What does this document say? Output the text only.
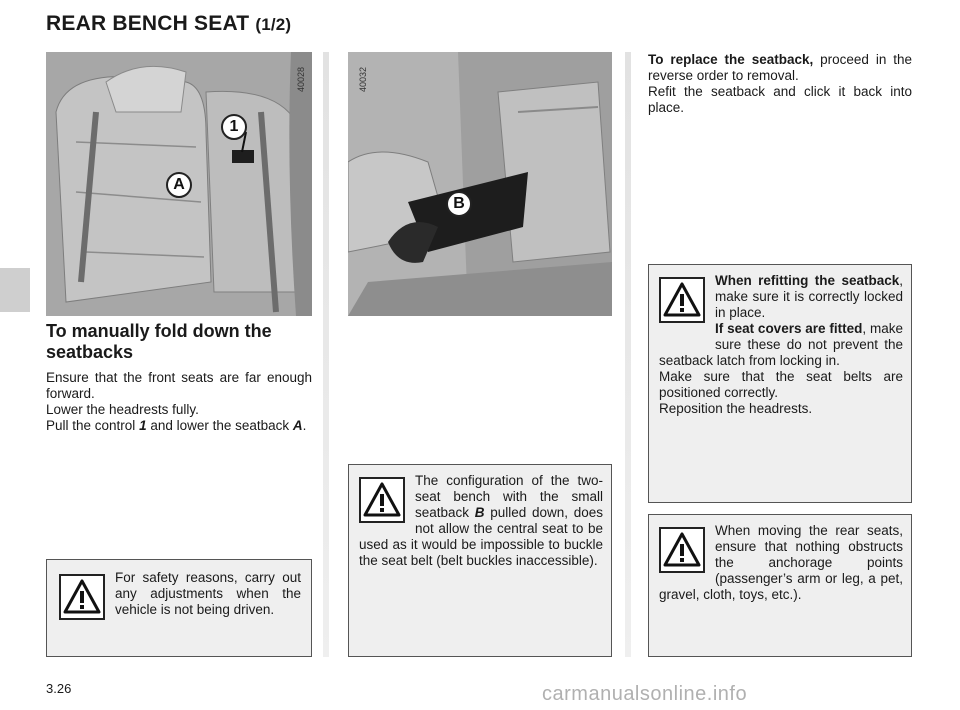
REAR BENCH SEAT (1/2)
40028
1
A
40032
B
To manually fold down the seatbacks
Ensure that the front seats are far enough forward.
Lower the headrests fully.
Pull the control 1 and lower the seatback A.
To replace the seatback, proceed in the reverse order to removal.
Refit the seatback and click it back into place.
For safety reasons, carry out any adjustments when the vehicle is not being driven.
The configuration of the two-seat bench with the small seatback B pulled down, does not allow the central seat to be used as it would be impossible to buckle the seat belt (belt buckles inaccessible).
When refitting the seatback, make sure it is correctly locked in place.
If seat covers are fitted, make sure these do not prevent the seatback latch from locking in.
Make sure that the seat belts are positioned correctly.
Reposition the headrests.
When moving the rear seats, ensure that nothing obstructs the anchorage points (passenger’s arm or leg, a pet, gravel, cloth, toys, etc.).
3.26	carmanualsonline.info
